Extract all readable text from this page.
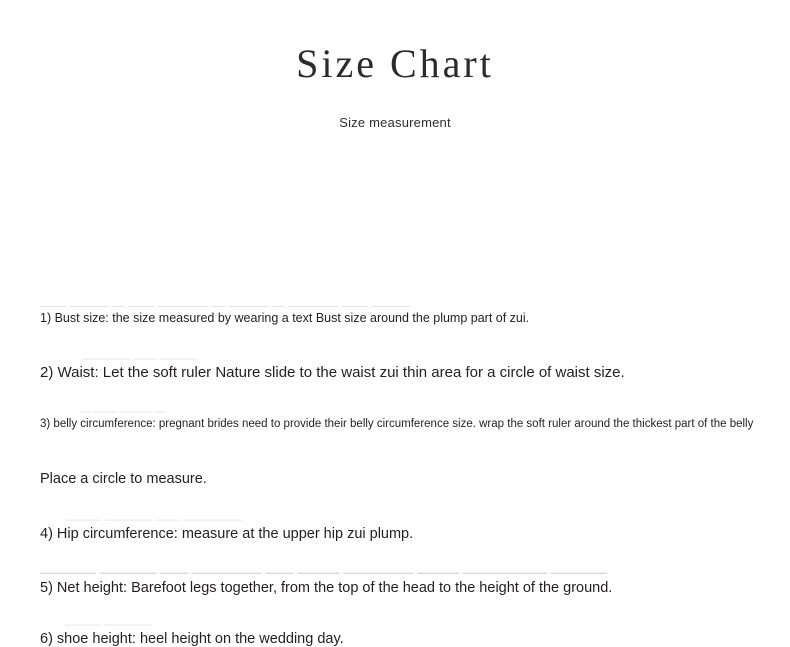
Size Chart

Size measurement

—— ——— — —— ———— — ——— — ———— —— ———
1) Bust size: the size measured by wearing a text Bust size around the plump part of zui.
———— —— ———
2) Waist: Let the soft ruler Nature slide to the waist zui thin area for a circle of waist size.
— —— ——— —
3) belly circumference: pregnant brides need to provide their belly circumference size. wrap the soft ruler around the thickest part of the belly
Place a circle to measure.
——— ———— —— —————
4) Hip circumference: measure at the upper hip zui plump.
———— ———— —— ————— —— ——— ————— ——— —————— ————
5) Net height: Barefoot legs together, from the top of the head to the height of the ground.
——— ————
6) shoe height: heel height on the wedding day.
